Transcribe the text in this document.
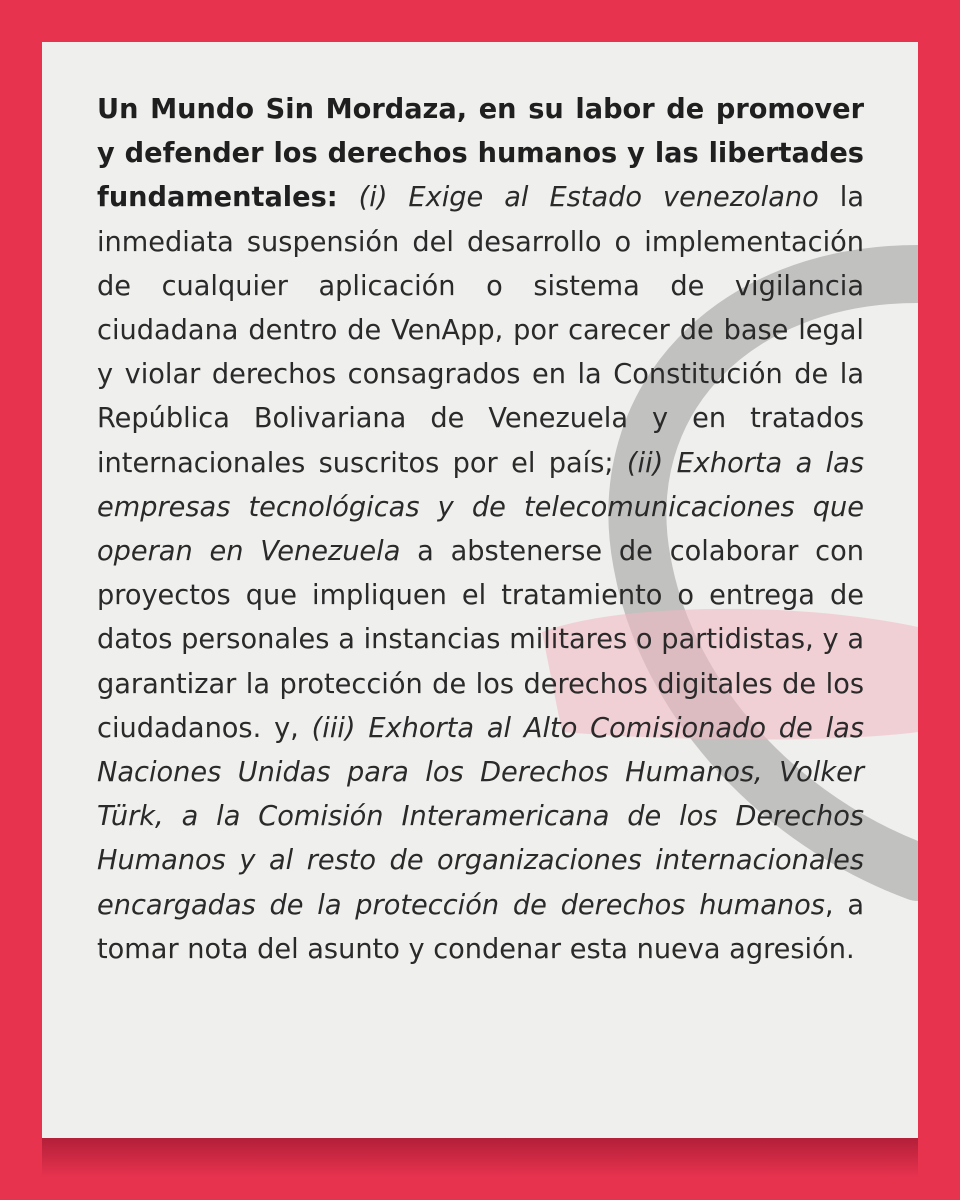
Un Mundo Sin Mordaza, en su labor de promover y defender los derechos humanos y las libertades fundamentales: (i) Exige al Estado venezolano la inmediata suspensión del desarrollo o implementación de cualquier aplicación o sistema de vigilancia ciudadana dentro de VenApp, por carecer de base legal y violar derechos consagrados en la Constitución de la República Bolivariana de Venezuela y en tratados internacionales suscritos por el país; (ii) Exhorta a las empresas tecnológicas y de telecomunicaciones que operan en Venezuela a abstenerse de colaborar con proyectos que impliquen el tratamiento o entrega de datos personales a instancias militares o partidistas, y a garantizar la protección de los derechos digitales de los ciudadanos. y, (iii) Exhorta al Alto Comisionado de las Naciones Unidas para los Derechos Humanos, Volker Türk, a la Comisión Interamericana de los Derechos Humanos y al resto de organizaciones internacionales encargadas de la protección de derechos humanos, a tomar nota del asunto y condenar esta nueva agresión.
